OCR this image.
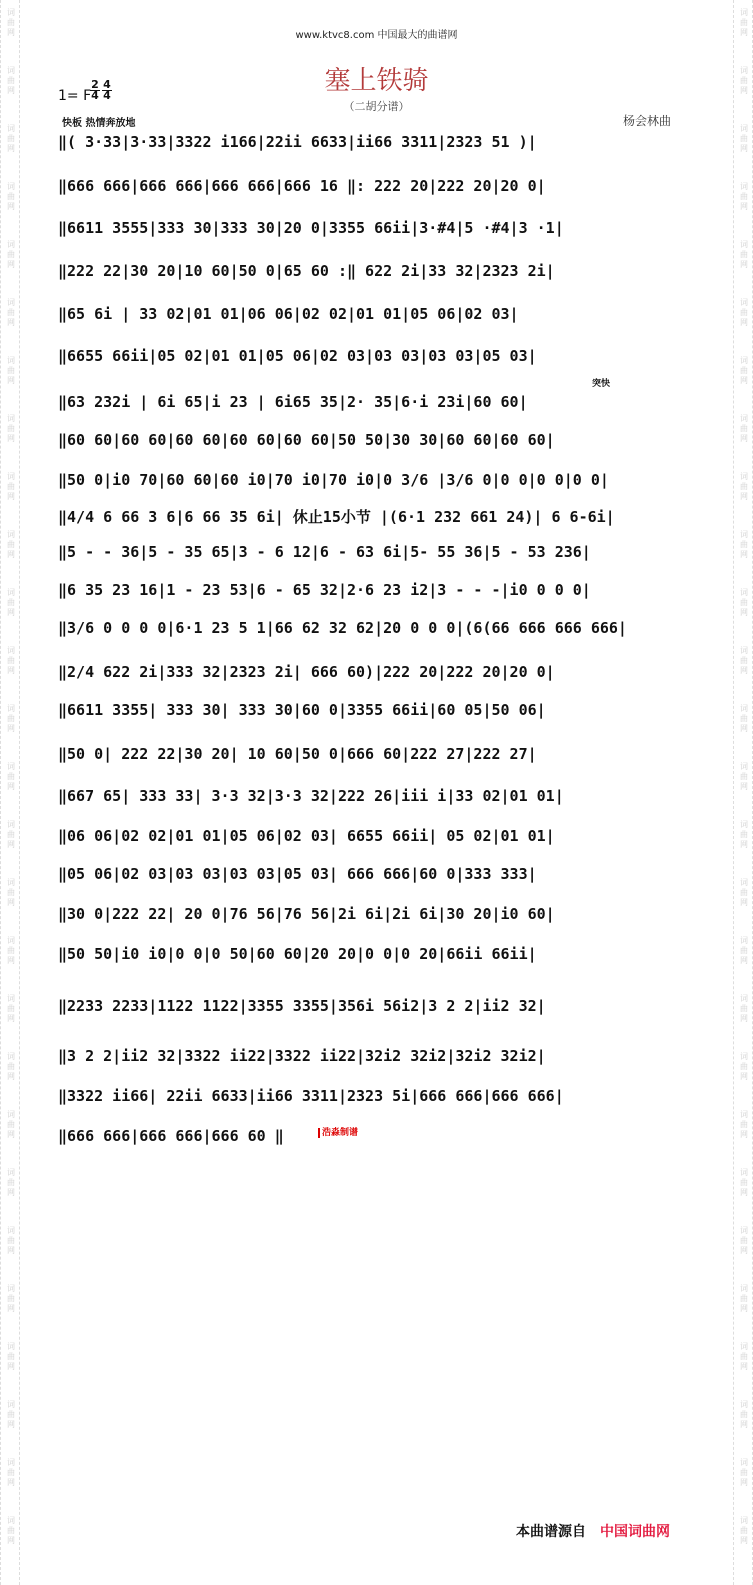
词曲网
词曲网
词曲网
词曲网
词曲网
词曲网
词曲网
词曲网
词曲网
词曲网
词曲网
词曲网
词曲网
词曲网
词曲网
词曲网
词曲网
词曲网
词曲网
词曲网
词曲网
词曲网
词曲网
词曲网
词曲网
词曲网
词曲网
词曲网
词曲网
词曲网
词曲网
词曲网
词曲网
词曲网
词曲网
词曲网
词曲网
词曲网
词曲网
词曲网
词曲网
词曲网
词曲网
词曲网
词曲网
词曲网
词曲网
词曲网
词曲网
词曲网
词曲网
词曲网
词曲网
词曲网
www.ktvc8.com 中国最大的曲谱网
1= F
$\frac{2}{4} \frac{4}{4}$	塞上铁骑
（二胡分谱）
快板 热情奔放地	杨会林曲
突快
‖( 3·33|3·33|3322 i166|22ii 6633|ii66 3311|2323 51 )|
‖666 666|666 666|666 666|666 16 ‖: 222 20|222 20|20 0|
‖6611 3555|333 30|333 30|20 0|3355 66ii|3·#4|5 ·#4|3 ·1|
‖222 22|30 20|10 60|50 0|65 60 :‖ 622 2i|33 32|2323 2i|
‖65 6i | 33 02|01 01|06 06|02 02|01 01|05 06|02 03|
‖6655 66ii|05 02|01 01|05 06|02 03|03 03|03 03|05 03|
‖63 232i | 6i 65|i 23 | 6i65 35|2· 35|6·i 23i|60 60|
‖60 60|60 60|60 60|60 60|60 60|50 50|30 30|60 60|60 60|
‖50 0|i0 70|60 60|60 i0|70 i0|70 i0|0 3/6 |3/6 0|0 0|0 0|0 0|
‖4/4 6 66 3 6|6 66 35 6i| 休止15小节 |(6·1 232 661 24)| 6 6-6i|
‖5 - - 36|5 - 35 65|3 - 6 12|6 - 63 6i|5- 55 36|5 - 53 236|
‖6 35 23 16|1 - 23 53|6 - 65 32|2·6 23 i2|3 - - -|i0 0 0 0|
‖3/6 0 0 0 0|6·1 23 5 1|66 62 32 62|20 0 0 0|(6(66 666 666 666|
‖2/4 622 2i|333 32|2323 2i| 666 60)|222 20|222 20|20 0|
‖6611 3355| 333 30| 333 30|60 0|3355 66ii|60 05|50 06|
‖50 0| 222 22|30 20| 10 60|50 0|666 60|222 27|222 27|
‖667 65| 333 33| 3·3 32|3·3 32|222 26|iii i|33 02|01 01|
‖06 06|02 02|01 01|05 06|02 03| 6655 66ii| 05 02|01 01|
‖05 06|02 03|03 03|03 03|05 03| 666 666|60 0|333 333|
‖30 0|222 22| 20 0|76 56|76 56|2i 6i|2i 6i|30 20|i0 60|
‖50 50|i0 i0|0 0|0 50|60 60|20 20|0 0|0 20|66ii 66ii|
‖2233 2233|1122 1122|3355 3355|356i 56i2|3 2 2|ii2 32|
‖3 2 2|ii2 32|3322 ii22|3322 ii22|32i2 32i2|32i2 32i2|
‖3322 ii66| 22ii 6633|ii66 3311|2323 5i|666 666|666 666|
‖666 666|666 666|666 60 ‖	浩淼制谱
本曲谱源自 中国词曲网
